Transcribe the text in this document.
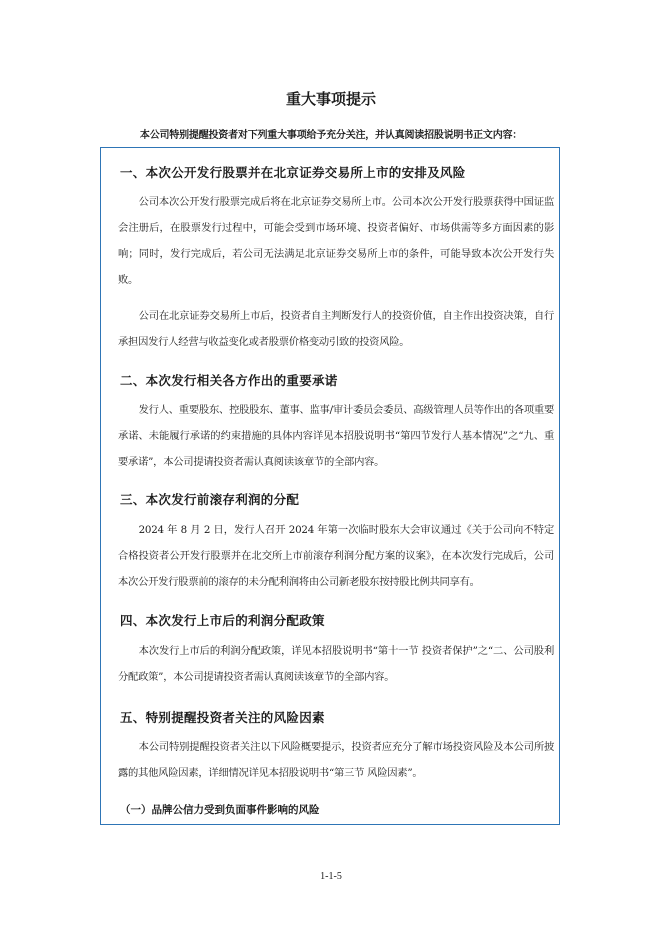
重大事项提示

本公司特别提醒投资者对下列重大事项给予充分关注，并认真阅读招股说明书正文内容：

一、本次公开发行股票并在北京证券交易所上市的安排及风险

公司本次公开发行股票完成后将在北京证券交易所上市。公司本次公开发行股票获得中国证监会注册后，在股票发行过程中，可能会受到市场环境、投资者偏好、市场供需等多方面因素的影响；同时，发行完成后，若公司无法满足北京证券交易所上市的条件，可能导致本次公开发行失败。

公司在北京证券交易所上市后，投资者自主判断发行人的投资价值，自主作出投资决策，自行承担因发行人经营与收益变化或者股票价格变动引致的投资风险。

二、本次发行相关各方作出的重要承诺

发行人、重要股东、控股股东、董事、监事/审计委员会委员、高级管理人员等作出的各项重要承诺、未能履行承诺的约束措施的具体内容详见本招股说明书“第四节发行人基本情况”之“九、重要承诺”，本公司提请投资者需认真阅读该章节的全部内容。

三、本次发行前滚存利润的分配

2024 年 8 月 2 日，发行人召开 2024 年第一次临时股东大会审议通过《关于公司向不特定合格投资者公开发行股票并在北交所上市前滚存利润分配方案的议案》，在本次发行完成后，公司本次公开发行股票前的滚存的未分配利润将由公司新老股东按持股比例共同享有。

四、本次发行上市后的利润分配政策

本次发行上市后的利润分配政策，详见本招股说明书“第十一节 投资者保护”之“二、公司股利分配政策”，本公司提请投资者需认真阅读该章节的全部内容。

五、特别提醒投资者关注的风险因素

本公司特别提醒投资者关注以下风险概要提示，投资者应充分了解市场投资风险及本公司所披露的其他风险因素，详细情况详见本招股说明书“第三节 风险因素”。

（一）品牌公信力受到负面事件影响的风险

1-1-5
